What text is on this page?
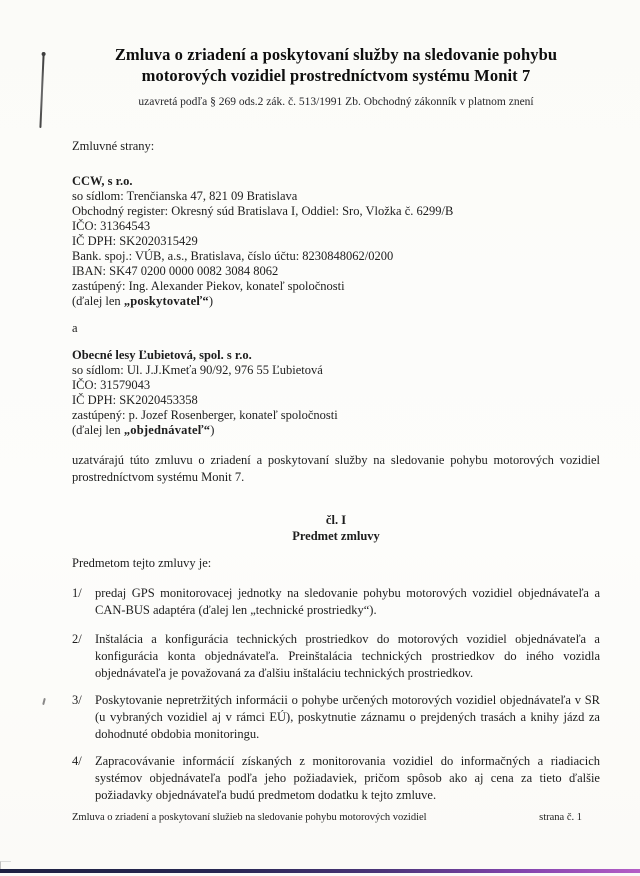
Zmluva o zriadení a poskytovaní služby na sledovanie pohybu motorových vozidiel prostredníctvom systému Monit 7
uzavretá podľa § 269 ods.2 zák. č. 513/1991 Zb. Obchodný zákonník v platnom znení
Zmluvné strany:
CCW, s r.o.
so sídlom: Trenčianska 47, 821 09 Bratislava
Obchodný register: Okresný súd Bratislava I, Oddiel: Sro, Vložka č. 6299/B
IČO: 31364543
IČ DPH: SK2020315429
Bank. spoj.: VÚB, a.s., Bratislava, číslo účtu: 8230848062/0200
IBAN: SK47 0200 0000 0082 3084 8062
zastúpený: Ing. Alexander Piekov, konateľ spoločnosti
(ďalej len „poskytovateľ“)
a
Obecné lesy Ľubietová, spol. s r.o.
so sídlom: Ul. J.J.Kmeťa 90/92, 976 55 Ľubietová
IČO: 31579043
IČ DPH: SK2020453358
zastúpený: p. Jozef Rosenberger, konateľ spoločnosti
(ďalej len „objednávateľ“)
uzatvárajú túto zmluvu o zriadení a poskytovaní služby na sledovanie pohybu motorových vozidiel prostredníctvom systému Monit 7.
čl. I
Predmet zmluvy
Predmetom tejto zmluvy je:
1/	predaj GPS monitorovacej jednotky na sledovanie pohybu motorových vozidiel objednávateľa a CAN-BUS adaptéra (ďalej len „technické prostriedky“).
2/	Inštalácia a konfigurácia technických prostriedkov do motorových vozidiel objednávateľa a konfigurácia konta objednávateľa. Preinštalácia technických prostriedkov do iného vozidla objednávateľa je považovaná za ďalšiu inštaláciu technických prostriedkov.
3/	Poskytovanie nepretržitých informácii o pohybe určených motorových vozidiel objednávateľa v SR (u vybraných vozidiel aj v rámci EÚ), poskytnutie záznamu o prejdených trasách a knihy jázd za dohodnuté obdobia monitoringu.
4/	Zapracovávanie informácií získaných z monitorovania vozidiel do informačných a riadiacich systémov objednávateľa podľa jeho požiadaviek, pričom spôsob ako aj cena za tieto ďalšie požiadavky objednávateľa budú predmetom dodatku k tejto zmluve.
Zmluva o zriadení a poskytovaní služieb na sledovanie pohybu motorových vozidiel	strana č. 1
